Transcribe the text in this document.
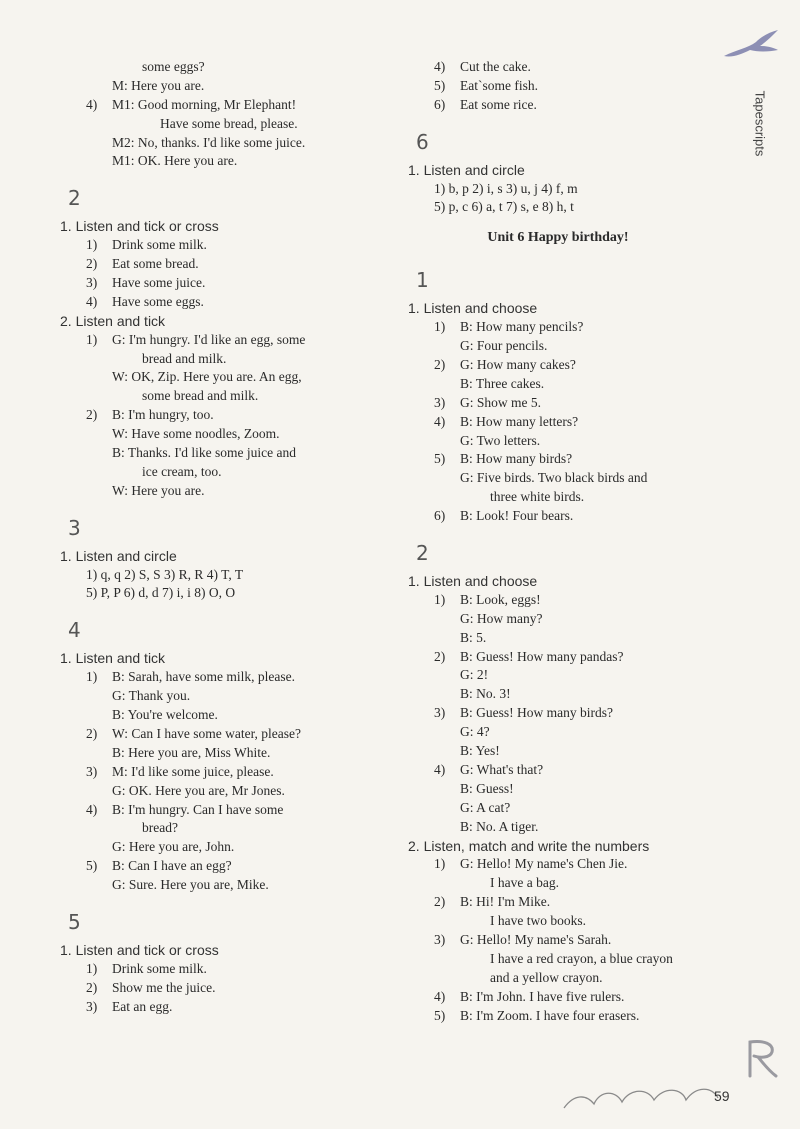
Tapescripts
some eggs?
M: Here you are.
4) M1: Good morning, Mr Elephant!
Have some bread, please.
M2: No, thanks. I'd like some juice.
M1: OK. Here you are.
2
1. Listen and tick or cross
1) Drink some milk.
2) Eat some bread.
3) Have some juice.
4) Have some eggs.
2. Listen and tick
1) G: I'm hungry. I'd like an egg, some
bread and milk.
W: OK, Zip. Here you are. An egg,
some bread and milk.
2) B: I'm hungry, too.
W: Have some noodles, Zoom.
B: Thanks. I'd like some juice and
ice cream, too.
W: Here you are.
3
1. Listen and circle
1) q, q 2) S, S 3) R, R 4) T, T
5) P, P 6) d, d 7) i, i 8) O, O
4
1. Listen and tick
1) B: Sarah, have some milk, please.
G: Thank you.
B: You're welcome.
2) W: Can I have some water, please?
B: Here you are, Miss White.
3) M: I'd like some juice, please.
G: OK. Here you are, Mr Jones.
4) B: I'm hungry. Can I have some
bread?
G: Here you are, John.
5) B: Can I have an egg?
G: Sure. Here you are, Mike.
5
1. Listen and tick or cross
1) Drink some milk.
2) Show me the juice.
3) Eat an egg.
4) Cut the cake.
5) Eat`some fish.
6) Eat some rice.
6
1. Listen and circle
1) b, p 2) i, s 3) u, j 4) f, m
5) p, c 6) a, t 7) s, e 8) h, t
Unit 6 Happy birthday!
1
1. Listen and choose
1) B: How many pencils?
G: Four pencils.
2) G: How many cakes?
B: Three cakes.
3) G: Show me 5.
4) B: How many letters?
G: Two letters.
5) B: How many birds?
G: Five birds. Two black birds and
three white birds.
6) B: Look! Four bears.
2
1. Listen and choose
1) B: Look, eggs!
G: How many?
B: 5.
2) B: Guess! How many pandas?
G: 2!
B: No. 3!
3) B: Guess! How many birds?
G: 4?
B: Yes!
4) G: What's that?
B: Guess!
G: A cat?
B: No. A tiger.
2. Listen, match and write the numbers
1) G: Hello! My name's Chen Jie.
I have a bag.
2) B: Hi! I'm Mike.
I have two books.
3) G: Hello! My name's Sarah.
I have a red crayon, a blue crayon
and a yellow crayon.
4) B: I'm John. I have five rulers.
5) B: I'm Zoom. I have four erasers.
59
